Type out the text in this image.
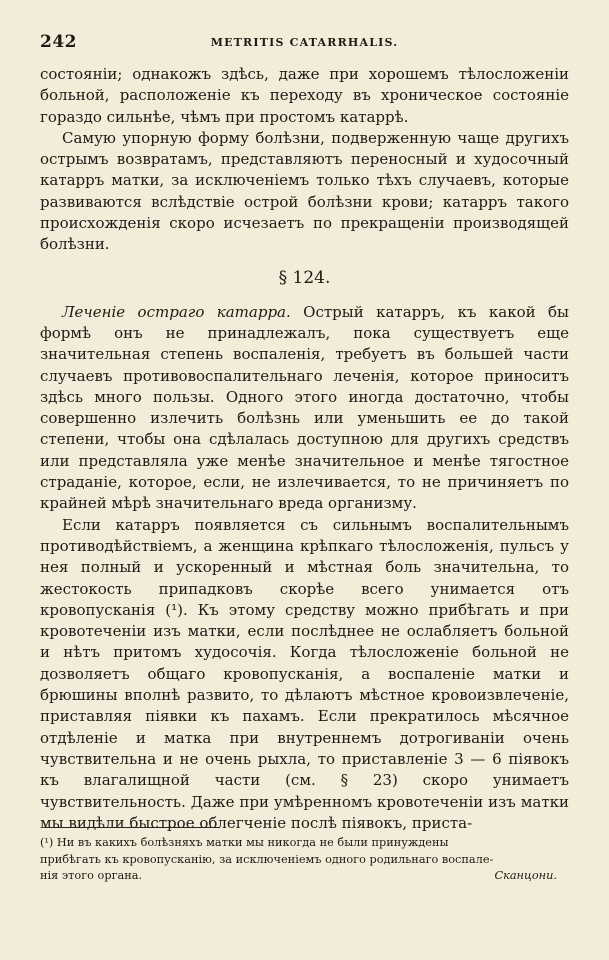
242	METRITIS CATARRHALIS.

состоянiи; однакожъ здѣсь, даже при хорошемъ тѣлосложенiи больной, расположенiе къ переходу въ хроническое состоянiе гораздо сильнѣе, чѣмъ при простомъ катаррѣ.

Самую упорную форму болѣзни, подверженную чаще другихъ острымъ возвратамъ, представляютъ переносный и худосочный катарръ матки, за исключенiемъ только тѣхъ случаевъ, которые развиваются вслѣдствiе острой болѣзни крови; катарръ такого происхожденiя скоро исчезаетъ по прекращенiи производящей болѣзни.

§ 124.

Леченiе остраго катарра. Острый катарръ, къ какой бы формѣ онъ не принадлежалъ, пока существуетъ еще значительная степень воспаленiя, требуетъ въ большей части случаевъ противовоспалительнаго леченiя, которое приноситъ здѣсь много пользы. Одного этого иногда достаточно, чтобы совершенно излечить болѣзнь или уменьшить ее до такой степени, чтобы она сдѣлалась доступною для другихъ средствъ или представляла уже менѣе значительное и менѣе тягостное страданiе, которое, если, не излечивается, то не причиняетъ по крайней мѣрѣ значительнаго вреда организму.

Если катарръ появляется съ сильнымъ воспалительнымъ противодѣйствiемъ, а женщина крѣпкаго тѣлосложенiя, пульсъ у нея полный и ускоренный и мѣстная боль значительна, то жестокость припадковъ скорѣе всего унимается отъ кровопусканiя (¹). Къ этому средству можно прибѣгать и при кровотеченiи изъ матки, если послѣднее не ослабляетъ больной и нѣтъ притомъ худосочiя. Когда тѣлосложенiе больной не дозволяетъ общаго кровопусканiя, а воспаленiе матки и брюшины вполнѣ развито, то дѣлаютъ мѣстное кровоизвлеченiе, приставляя пiявки къ пахамъ. Если прекратилось мѣсячное отдѣленiе и матка при внутреннемъ дотрогиванiи очень чувствительна и не очень рыхла, то приставленiе 3 — 6 пiявокъ къ влагалищной части (см. § 23) скоро унимаетъ чувствительность. Даже при умѣренномъ кровотеченiи изъ матки мы видѣли быстрое облегченiе послѣ пiявокъ, приста-

(¹) Ни въ какихъ болѣзняхъ матки мы никогда не были принуждены
прибѣгать къ кровопусканiю, за исключенiемъ одного родильнаго воспале-
нiя этого органа.	Сканцони.
